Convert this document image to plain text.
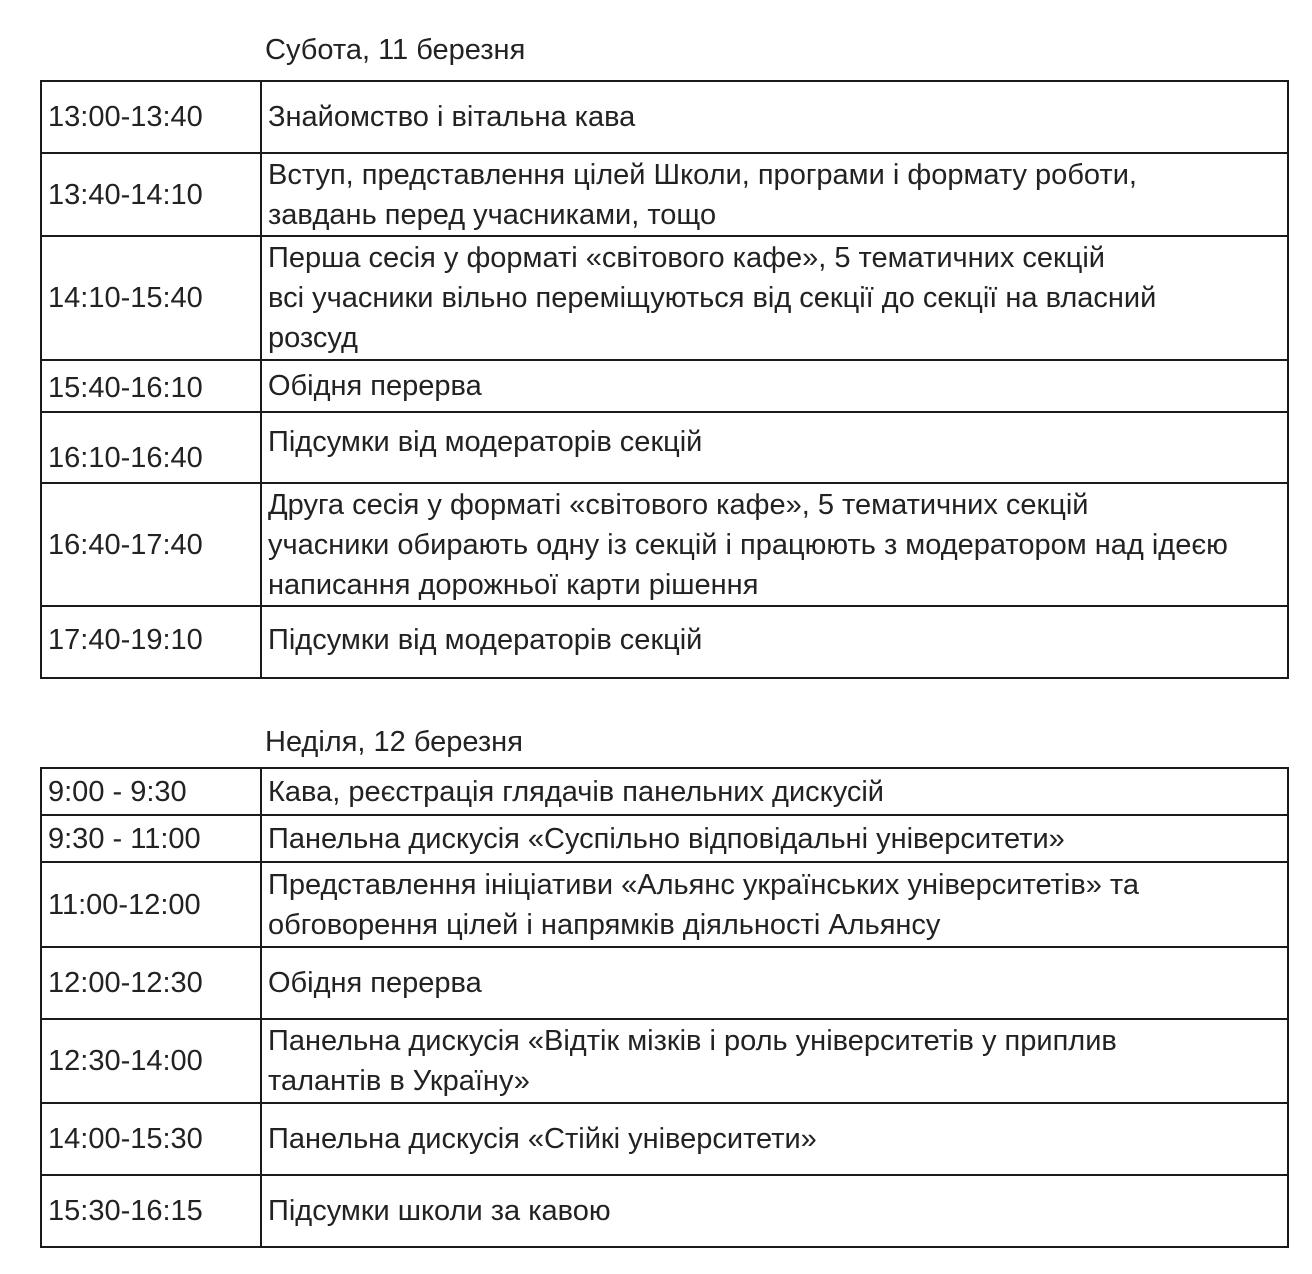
Субота, 11 березня
13:00-13:40	Знайомство і вітальна кава

13:40-14:10	Вступ, представлення цілей Школи, програми і формату роботи,
завдань перед учасниками, тощо

14:10-15:40	Перша сесія у форматі «світового кафе», 5 тематичних секцій
всі учасники вільно переміщуються від секції до секції на власний
розсуд

15:40-16:10	Обідня перерва

16:10-16:40	Підсумки від модераторів секцій

16:40-17:40	Друга сесія у форматі «світового кафе», 5 тематичних секцій
учасники обирають одну із секцій і працюють з модератором над ідеєю
написання дорожньої карти рішення

17:40-19:10	Підсумки від модераторів секцій
Неділя, 12 березня
9:00 - 9:30	Кава, реєстрація глядачів панельних дискусій

9:30 - 11:00	Панельна дискусія «Суспільно відповідальні університети»

11:00-12:00	Представлення ініціативи «Альянс українських університетів» та
обговорення цілей і напрямків діяльності Альянсу

12:00-12:30	Обідня перерва

12:30-14:00	Панельна дискусія «Відтік мізків і роль університетів у приплив
талантів в Україну»

14:00-15:30	Панельна дискусія «Стійкі університети»

15:30-16:15	Підсумки школи за кавою
